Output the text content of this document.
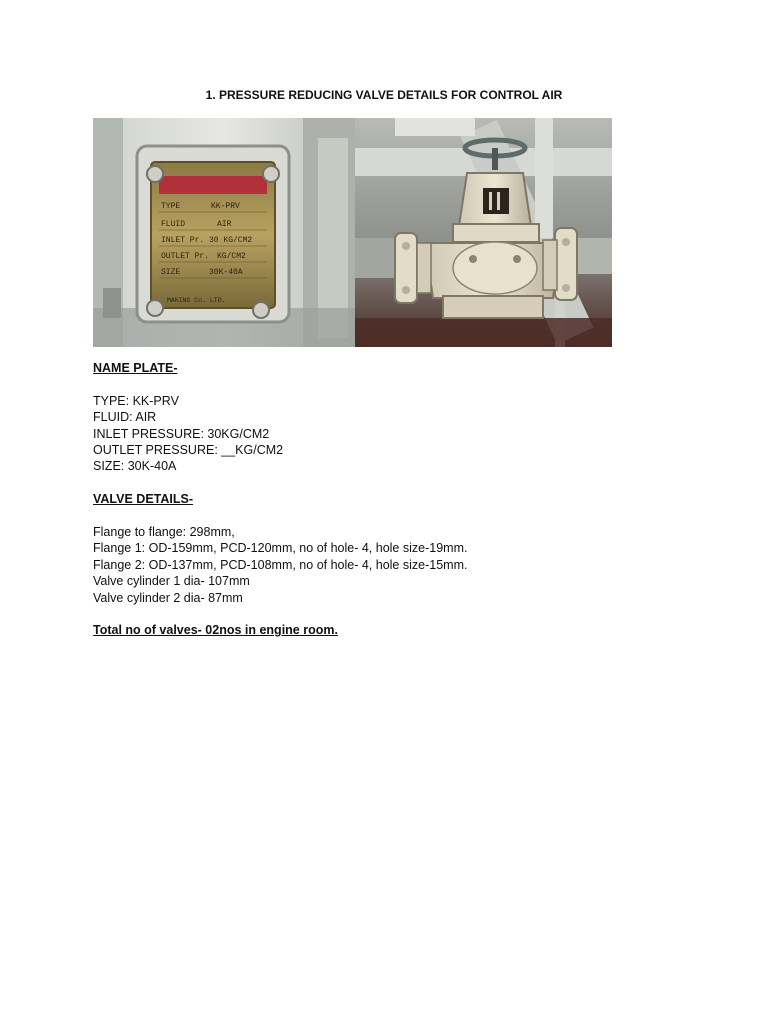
1. PRESSURE REDUCING VALVE DETAILS FOR CONTROL AIR
TYPE
FLUID
INLET Pr.
OUTLET Pr.
SIZE
KK-PRV
AIR
30 KG/CM2
KG/CM2
30K-40A
MAKING Co. LTD.
NAME PLATE-
TYPE: KK-PRV
FLUID: AIR
INLET PRESSURE: 30KG/CM2
OUTLET PRESSURE: __KG/CM2
SIZE: 30K-40A
VALVE DETAILS-
Flange to flange: 298mm,
Flange 1: OD-159mm, PCD-120mm, no of hole- 4, hole size-19mm.
Flange 2: OD-137mm, PCD-108mm, no of hole- 4, hole size-15mm.
Valve cylinder 1 dia- 107mm
Valve cylinder 2 dia- 87mm
Total no of valves- 02nos in engine room.
